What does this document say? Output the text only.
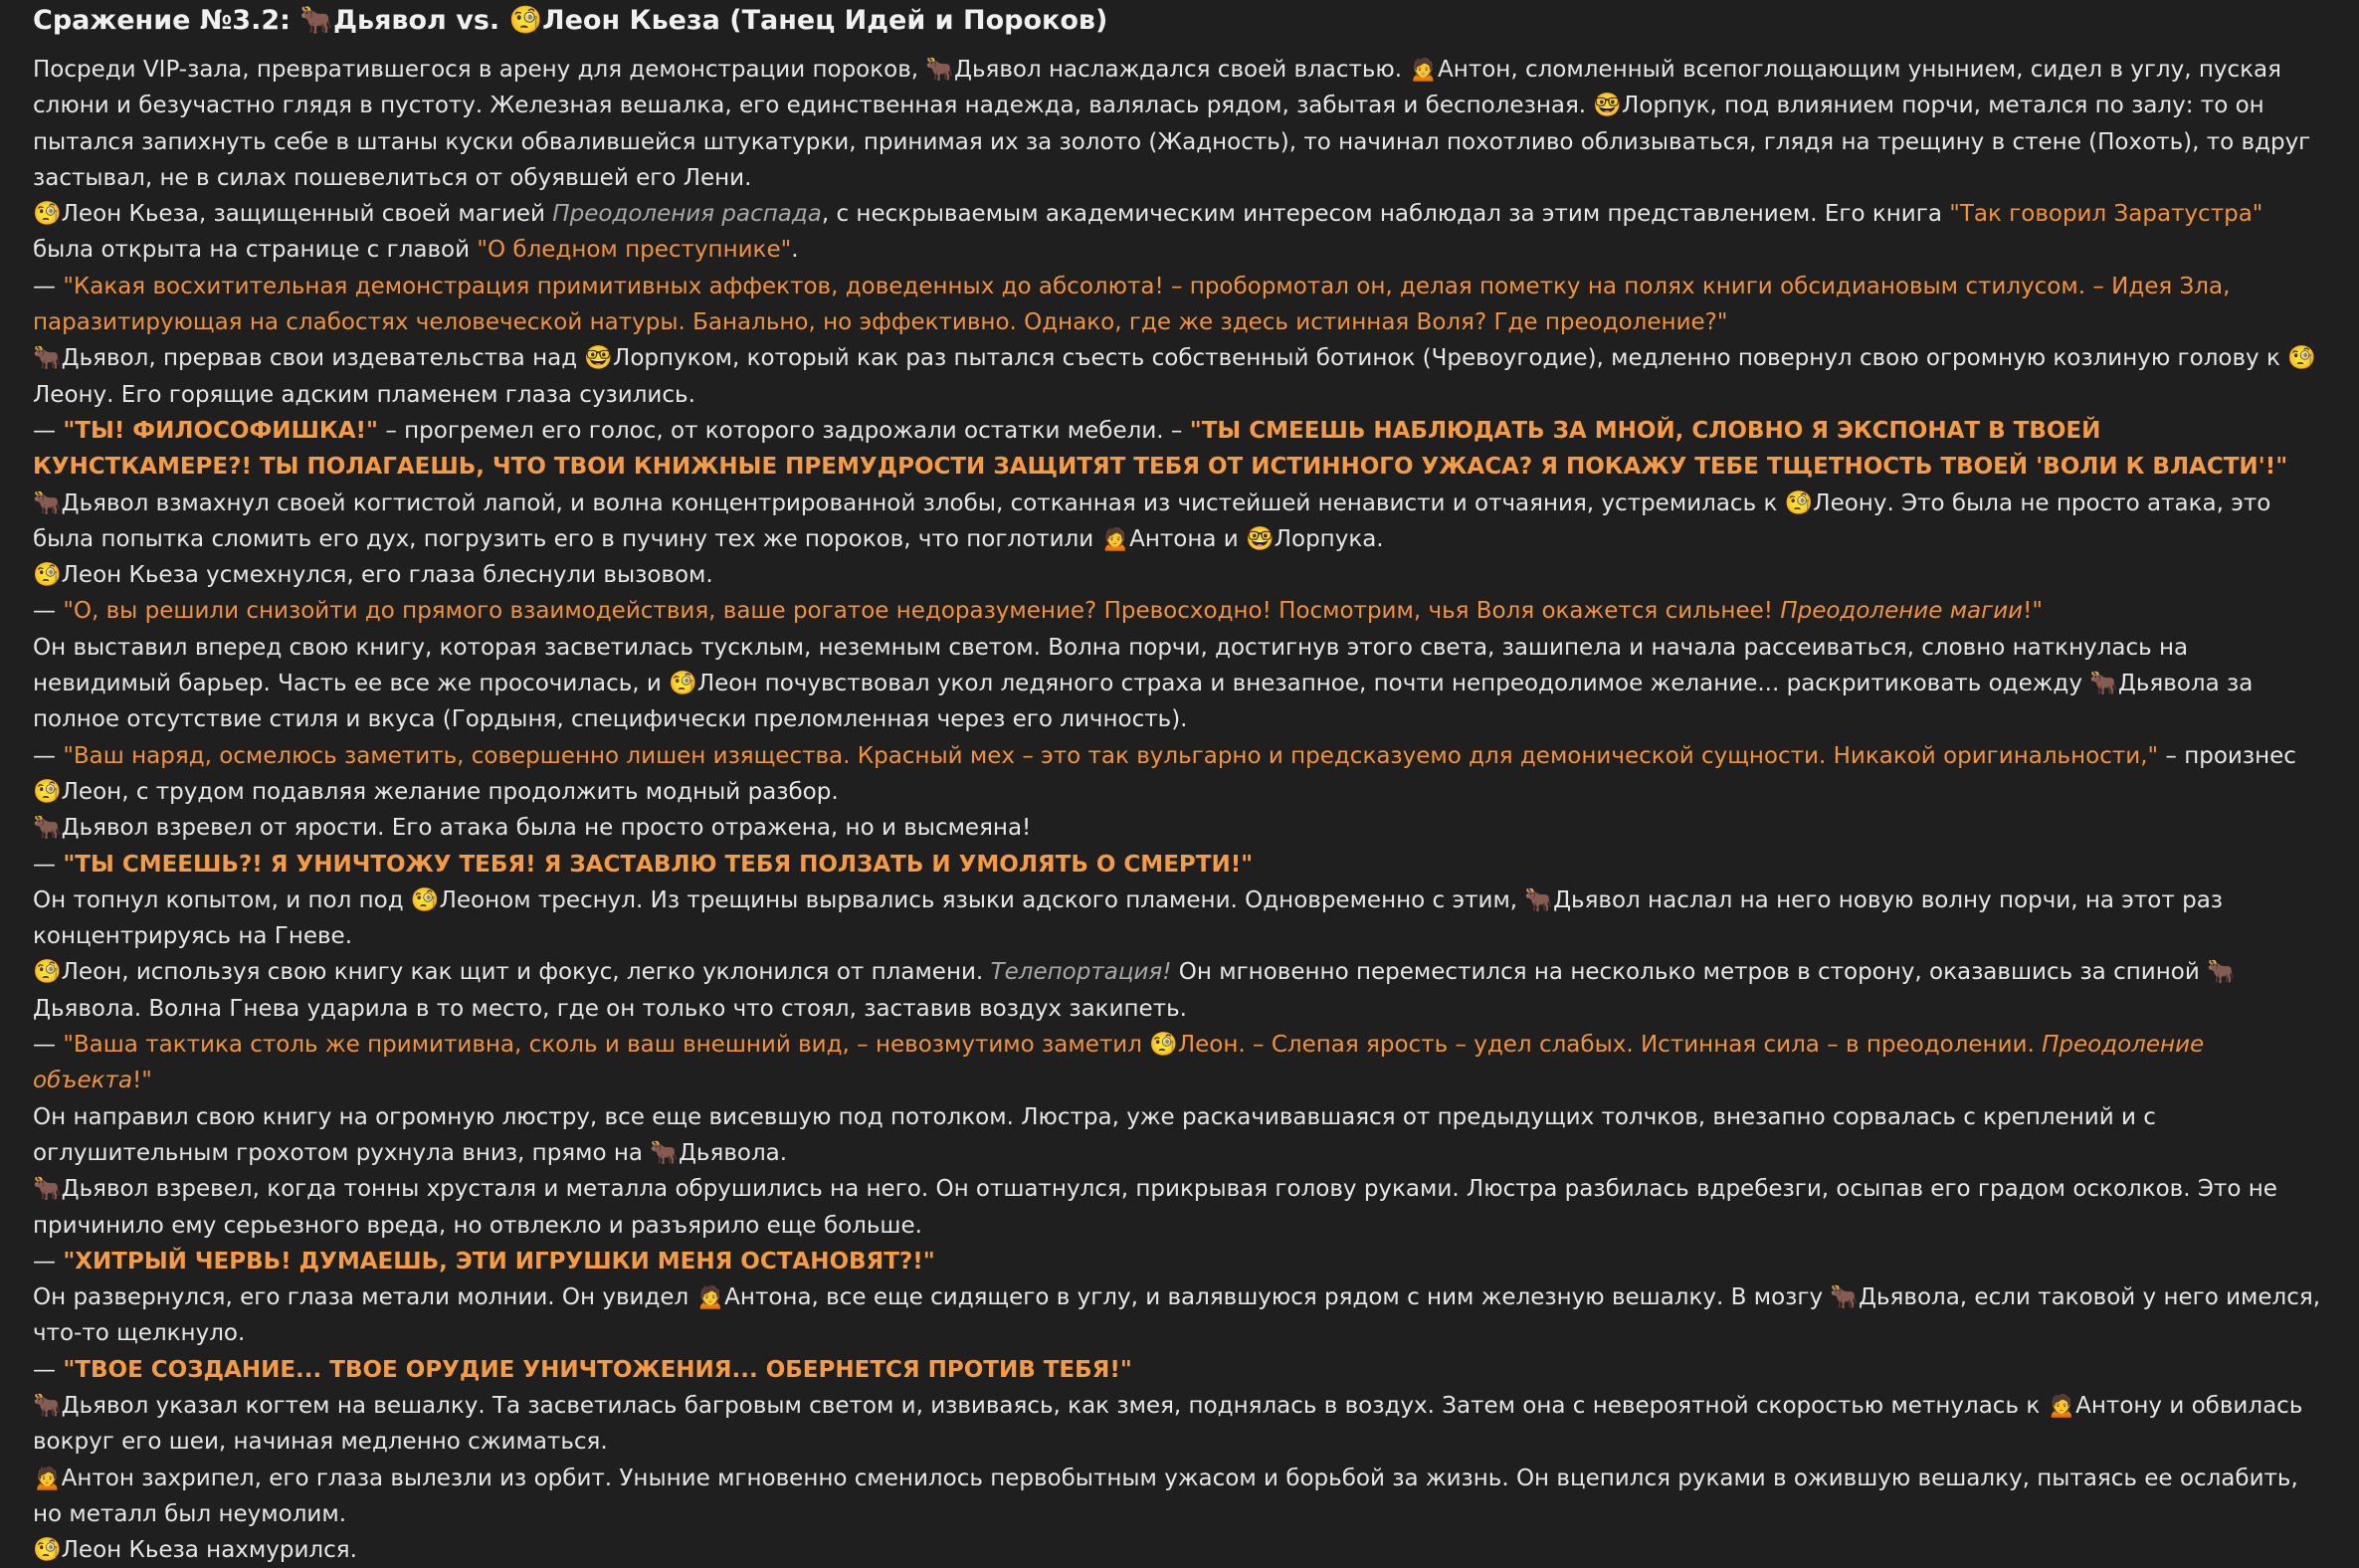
Сражение №3.2: 🐂Дьявол vs. 🧐Леон Кьеза (Танец Идей и Пороков)

Посреди VIP-зала, превратившегося в арену для демонстрации пороков, 🐂Дьявол наслаждался своей властью. 🙍Антон, сломленный всепоглощающим унынием, сидел в углу, пуская слюни и безучастно глядя в пустоту. Железная вешалка, его единственная надежда, валялась рядом, забытая и бесполезная. 🤓Лорпук, под влиянием порчи, метался по залу: то он пытался запихнуть себе в штаны куски обвалившейся штукатурки, принимая их за золото (Жадность), то начинал похотливо облизываться, глядя на трещину в стене (Похоть), то вдруг застывал, не в силах пошевелиться от обуявшей его Лени.

🧐Леон Кьеза, защищенный своей магией Преодоления распада, с нескрываемым академическим интересом наблюдал за этим представлением. Его книга "Так говорил Заратустра" была открыта на странице с главой "О бледном преступнике".

— "Какая восхитительная демонстрация примитивных аффектов, доведенных до абсолюта! – пробормотал он, делая пометку на полях книги обсидиановым стилусом. – Идея Зла, паразитирующая на слабостях человеческой натуры. Банально, но эффективно. Однако, где же здесь истинная Воля? Где преодоление?"

🐂Дьявол, прервав свои издевательства над 🤓Лорпуком, который как раз пытался съесть собственный ботинок (Чревоугодие), медленно повернул свою огромную козлиную голову к 🧐Леону. Его горящие адским пламенем глаза сузились.

— "ТЫ! ФИЛОСОФИШКА!" – прогремел его голос, от которого задрожали остатки мебели. – "ТЫ СМЕЕШЬ НАБЛЮДАТЬ ЗА МНОЙ, СЛОВНО Я ЭКСПОНАТ В ТВОЕЙ КУНСТКАМЕРЕ?! ТЫ ПОЛАГАЕШЬ, ЧТО ТВОИ КНИЖНЫЕ ПРЕМУДРОСТИ ЗАЩИТЯТ ТЕБЯ ОТ ИСТИННОГО УЖАСА? Я ПОКАЖУ ТЕБЕ ТЩЕТНОСТЬ ТВОЕЙ 'ВОЛИ К ВЛАСТИ'!"

🐂Дьявол взмахнул своей когтистой лапой, и волна концентрированной злобы, сотканная из чистейшей ненависти и отчаяния, устремилась к 🧐Леону. Это была не просто атака, это была попытка сломить его дух, погрузить его в пучину тех же пороков, что поглотили 🙍Антона и 🤓Лорпука.

🧐Леон Кьеза усмехнулся, его глаза блеснули вызовом.

— "О, вы решили снизойти до прямого взаимодействия, ваше рогатое недоразумение? Превосходно! Посмотрим, чья Воля окажется сильнее! Преодоление магии!"

Он выставил вперед свою книгу, которая засветилась тусклым, неземным светом. Волна порчи, достигнув этого света, зашипела и начала рассеиваться, словно наткнулась на невидимый барьер. Часть ее все же просочилась, и 🧐Леон почувствовал укол ледяного страха и внезапное, почти непреодолимое желание... раскритиковать одежду 🐂Дьявола за полное отсутствие стиля и вкуса (Гордыня, специфически преломленная через его личность).

— "Ваш наряд, осмелюсь заметить, совершенно лишен изящества. Красный мех – это так вульгарно и предсказуемо для демонической сущности. Никакой оригинальности," – произнес 🧐Леон, с трудом подавляя желание продолжить модный разбор.

🐂Дьявол взревел от ярости. Его атака была не просто отражена, но и высмеяна!

— "ТЫ СМЕЕШЬ?! Я УНИЧТОЖУ ТЕБЯ! Я ЗАСТАВЛЮ ТЕБЯ ПОЛЗАТЬ И УМОЛЯТЬ О СМЕРТИ!"

Он топнул копытом, и пол под 🧐Леоном треснул. Из трещины вырвались языки адского пламени. Одновременно с этим, 🐂Дьявол наслал на него новую волну порчи, на этот раз концентрируясь на Гневе.

🧐Леон, используя свою книгу как щит и фокус, легко уклонился от пламени. Телепортация! Он мгновенно переместился на несколько метров в сторону, оказавшись за спиной 🐂Дьявола. Волна Гнева ударила в то место, где он только что стоял, заставив воздух закипеть.

— "Ваша тактика столь же примитивна, сколь и ваш внешний вид, – невозмутимо заметил 🧐Леон. – Слепая ярость – удел слабых. Истинная сила – в преодолении. Преодоление объекта!"

Он направил свою книгу на огромную люстру, все еще висевшую под потолком. Люстра, уже раскачивавшаяся от предыдущих толчков, внезапно сорвалась с креплений и с оглушительным грохотом рухнула вниз, прямо на 🐂Дьявола.

🐂Дьявол взревел, когда тонны хрусталя и металла обрушились на него. Он отшатнулся, прикрывая голову руками. Люстра разбилась вдребезги, осыпав его градом осколков. Это не причинило ему серьезного вреда, но отвлекло и разъярило еще больше.

— "ХИТРЫЙ ЧЕРВЬ! ДУМАЕШЬ, ЭТИ ИГРУШКИ МЕНЯ ОСТАНОВЯТ?!"

Он развернулся, его глаза метали молнии. Он увидел 🙍Антона, все еще сидящего в углу, и валявшуюся рядом с ним железную вешалку. В мозгу 🐂Дьявола, если таковой у него имелся, что-то щелкнуло.

— "ТВОЕ СОЗДАНИЕ... ТВОЕ ОРУДИЕ УНИЧТОЖЕНИЯ... ОБЕРНЕТСЯ ПРОТИВ ТЕБЯ!"

🐂Дьявол указал когтем на вешалку. Та засветилась багровым светом и, извиваясь, как змея, поднялась в воздух. Затем она с невероятной скоростью метнулась к 🙍Антону и обвилась вокруг его шеи, начиная медленно сжиматься.

🙍Антон захрипел, его глаза вылезли из орбит. Уныние мгновенно сменилось первобытным ужасом и борьбой за жизнь. Он вцепился руками в ожившую вешалку, пытаясь ее ослабить, но металл был неумолим.

🧐Леон Кьеза нахмурился.
